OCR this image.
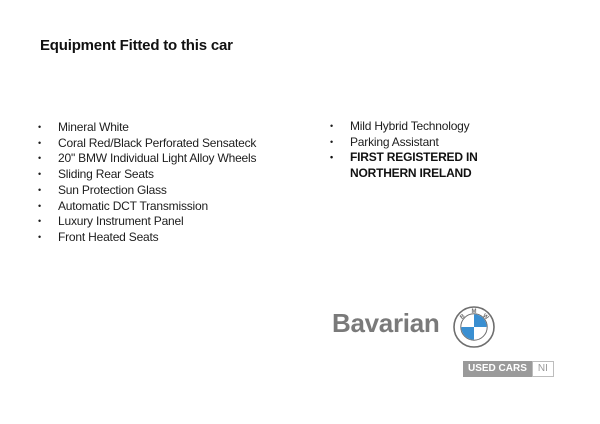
Equipment Fitted to this car
• Mineral White
• Coral Red/Black Perforated Sensateck
• 20" BMW Individual Light Alloy Wheels
• Sliding Rear Seats
• Sun Protection Glass
• Automatic DCT Transmission
• Luxury Instrument Panel
• Front Heated Seats
• Mild Hybrid Technology
• Parking Assistant
• FIRST REGISTERED IN
NORTHERN IRELAND
Bavarian	B
M
W
USED CARS	NI
